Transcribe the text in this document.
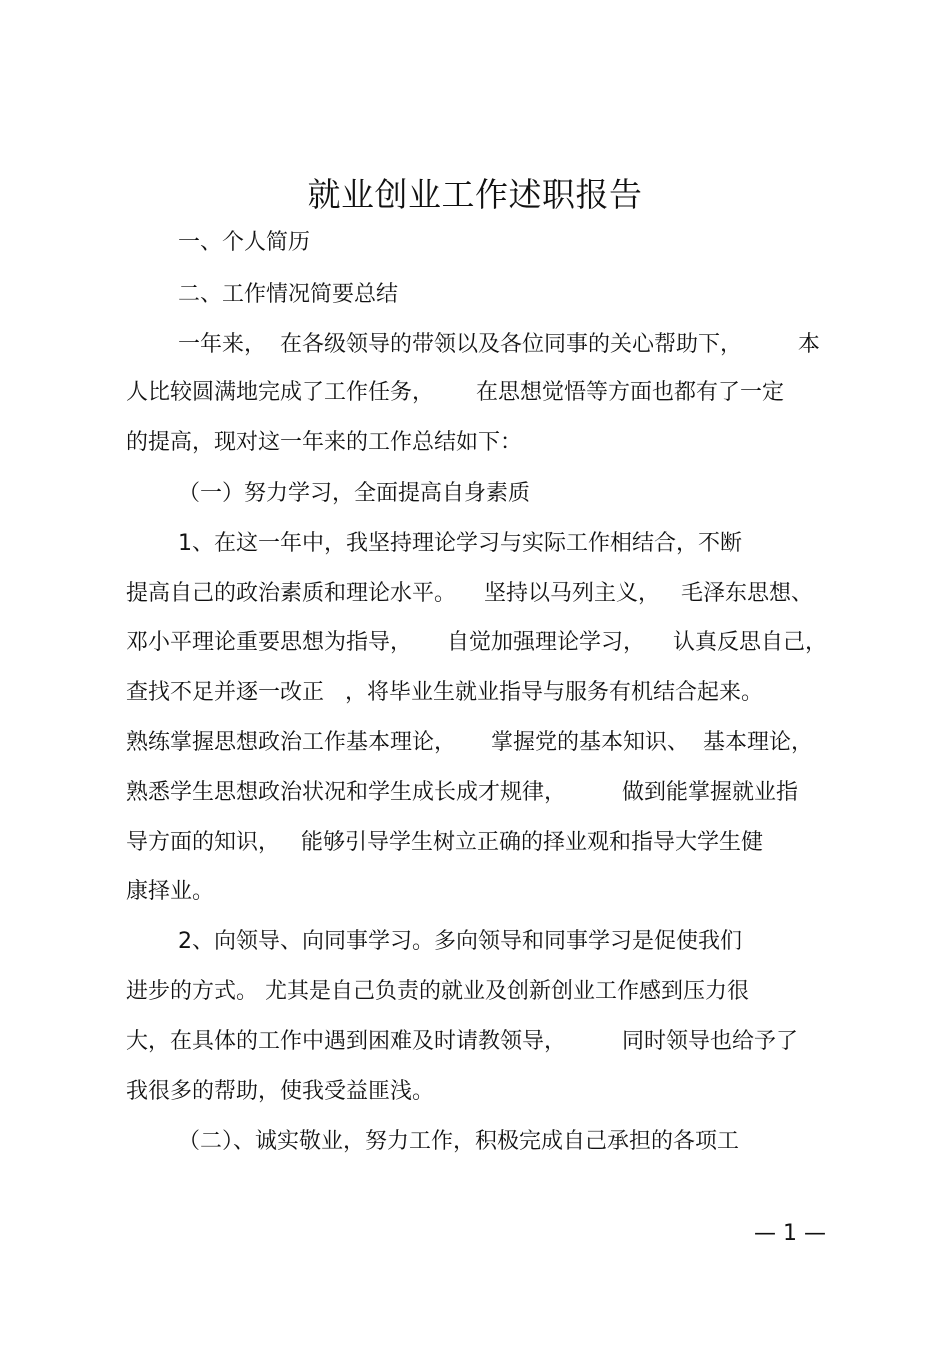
就业创业工作述职报告

一、个人简历

二、工作情况简要总结

一年来，  在各级领导的带领以及各位同事的关心帮助下，        本

人比较圆满地完成了工作任务，      在思想觉悟等方面也都有了一定

的提高，现对这一年来的工作总结如下：

（一）努力学习，全面提高自身素质

1、在这一年中，我坚持理论学习与实际工作相结合，不断

提高自己的政治素质和理论水平。    坚持以马列主义，   毛泽东思想、

邓小平理论重要思想为指导，     自觉加强理论学习，    认真反思自己，

查找不足并逐一改正   ，将毕业生就业指导与服务有机结合起来。

熟练掌握思想政治工作基本理论，     掌握党的基本知识、  基本理论，

熟悉学生思想政治状况和学生成长成才规律，        做到能掌握就业指

导方面的知识，   能够引导学生树立正确的择业观和指导大学生健

康择业。

2、向领导、向同事学习。多向领导和同事学习是促使我们

进步的方式。 尤其是自己负责的就业及创新创业工作感到压力很

大，在具体的工作中遇到困难及时请教领导，        同时领导也给予了

我很多的帮助，使我受益匪浅。

（二）、诚实敬业，努力工作，积极完成自己承担的各项工

— 1 —
